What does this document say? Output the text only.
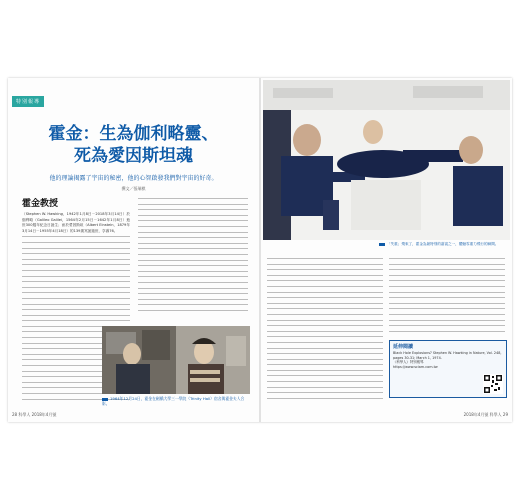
特別報導
霍金：生為伽利略靈、
死為愛因斯坦魂
他的理論揭露了宇宙的秘密，他的心智啟發我們對宇宙的好奇。
撰文／張瑞棋
霍金教授
（Stephen W. Hawking，1942年1月8日－2018年3月14日）於伽利略（Galileo Galilei，1564年2月15日－1642年1月8日）逝世300週年紀念日誕生；而於愛因斯坦（Albert Einstein，1879年3月14日－1955年4月18日）的139歲冥誕過世，享壽76。
1964年12月24日，霍金在劍橋大學三一學院（Trinity Hall）宿舍與霍金夫人合影。
28 科學人 2018年4月號
「失重」飛來了，霍金為最特別的嘉賓之一，體驗零重力飛行的瞬間。
延伸閱讀
Black Hole Explosions? Stephen W. Hawking in Nature, Vol. 248, pages 30-31; March 1, 1974.
《科學人》特別報導
https://www.sciam.com.tw
2018年4月號 科學人 29
